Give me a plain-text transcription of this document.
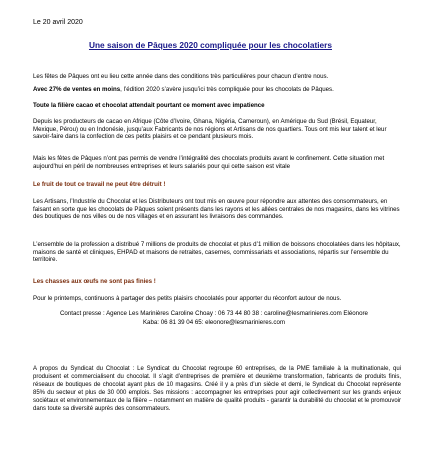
Le 20 avril 2020
Une saison de Pâques 2020 compliquée pour les chocolatiers

Les fêtes de Pâques ont eu lieu cette année dans des conditions très particulières pour chacun d’entre nous.

Avec 27% de ventes en moins, l’édition 2020 s’avère jusqu’ici très compliquée pour les chocolats de Pâques.

Toute la filière cacao et chocolat attendait pourtant ce moment avec impatience

Depuis les producteurs de cacao en Afrique (Côte d’Ivoire, Ghana, Nigéria, Cameroun), en Amérique du Sud (Brésil, Equateur, Mexique, Pérou) ou en Indonésie, jusqu’aux Fabricants de nos régions et Artisans de nos quartiers. Tous ont mis leur talent et leur savoir-faire dans la confection de ces petits plaisirs et ce pendant plusieurs mois.

Mais les fêtes de Pâques n’ont pas permis de vendre l’intégralité des chocolats produits avant le confinement. Cette situation met aujourd’hui en péril de nombreuses entreprises et leurs salariés pour qui cette saison est vitale

Le fruit de tout ce travail ne peut être détruit !

Les Artisans, l’Industrie du Chocolat et les Distributeurs ont tout mis en œuvre pour répondre aux attentes des consommateurs, en faisant en sorte que les chocolats de Pâques soient présents dans les rayons et les allées centrales de nos magasins, dans les vitrines des boutiques de nos villes ou de nos villages et en assurant les livraisons des commandes.

L’ensemble de la profession a distribué 7 millions de produits de chocolat et plus d’1 million de boissons chocolatées dans les hôpitaux, maisons de santé et cliniques, EHPAD et maisons de retraites, casernes, commissariats et associations, répartis sur l’ensemble du territoire.

Les chasses aux œufs ne sont pas finies !

Pour le printemps, continuons à partager des petits plaisirs chocolatés pour apporter du réconfort autour de nous.

Contact presse : Agence Les Marinières Caroline Choay : 06 73 44 80 38 : caroline@lesmarinieres.com Eléonore
Kaba: 06 81 39 04 65: eleonore@lesmarinieres.com

A propos du Syndicat du Chocolat : Le Syndicat du Chocolat regroupe 60 entreprises, de la PME familiale à la multinationale, qui produisent et commercialisent du chocolat. Il s’agit d’entreprises de première et deuxième transformation, fabricants de produits finis, réseaux de boutiques de chocolat ayant plus de 10 magasins. Créé il y a près d’un siècle et demi, le Syndicat du Chocolat représente 85% du secteur et plus de 30 000 emplois. Ses missions : accompagner les entreprises pour agir collectivement sur les grands enjeux sociétaux et environnementaux de la filière – notamment en matière de qualité produits - garantir la durabilité du chocolat et le promouvoir dans toute sa diversité auprès des consommateurs.
